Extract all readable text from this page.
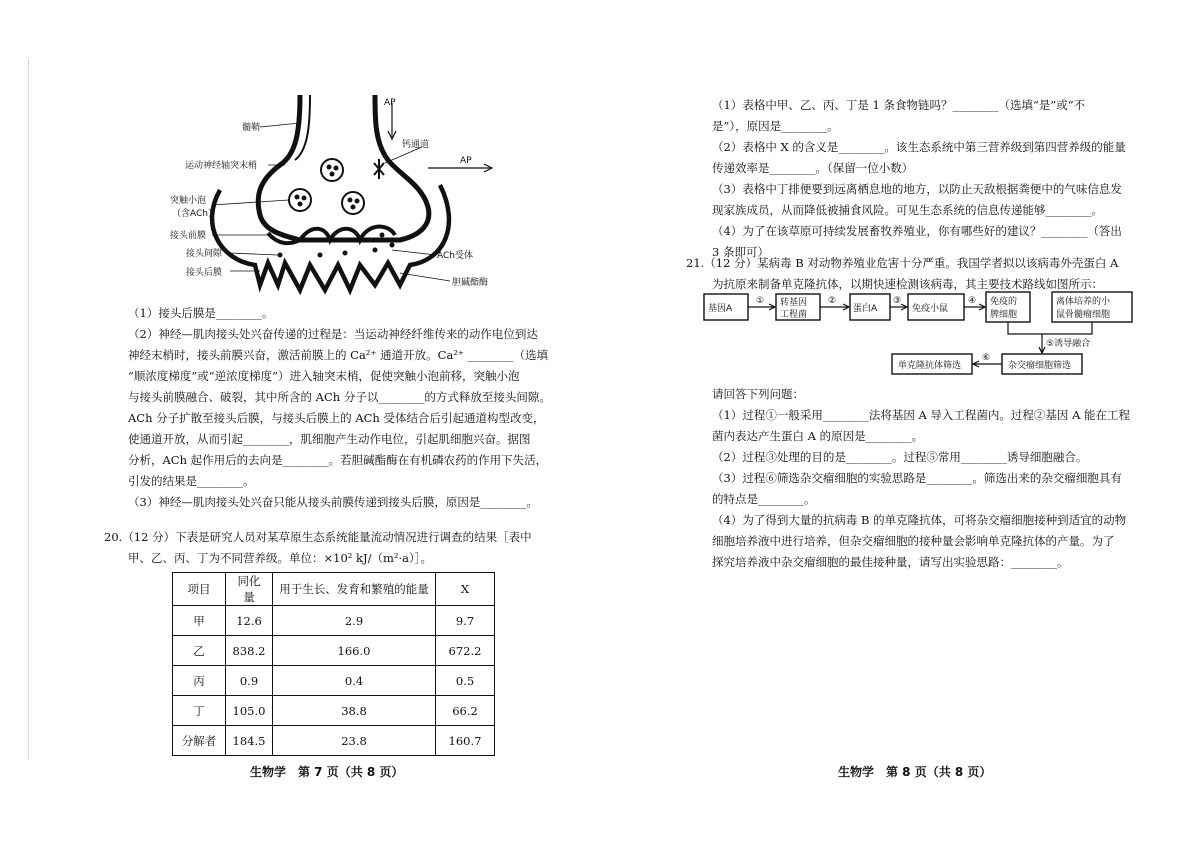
AP
AP
髓鞘
运动神经轴突末梢
钙通道
突触小泡
（含ACh）
接头前膜
接头间隙
接头后膜
ACh受体
胆碱酯酶

（1）接头后膜是________。

（2）神经—肌肉接头处兴奋传递的过程是：当运动神经纤维传来的动作电位到达

神经末梢时，接头前膜兴奋，激活前膜上的 Ca²⁺ 通道开放。Ca²⁺ ________（选填

“顺浓度梯度”或“逆浓度梯度”）进入轴突末梢，促使突触小泡前移，突触小泡

与接头前膜融合、破裂，其中所含的 ACh 分子以________的方式释放至接头间隙。

ACh 分子扩散至接头后膜，与接头后膜上的 ACh 受体结合后引起通道构型改变，

使通道开放，从而引起________，肌细胞产生动作电位，引起肌细胞兴奋。据图

分析，ACh 起作用后的去向是________。若胆碱酯酶在有机磷农药的作用下失活，

引发的结果是________。

（3）神经—肌肉接头处兴奋只能从接头前膜传递到接头后膜，原因是________。

20.（12 分）下表是研究人员对某草原生态系统能量流动情况进行调查的结果［表中

甲、乙、丙、丁为不同营养级。单位：×10² kJ/（m²·a）］。

项目	同化量	用于生长、发育和繁殖的能量	X
甲	12.6	2.9	9.7
乙	838.2	166.0	672.2
丙	0.9	0.4	0.5
丁	105.0	38.8	66.2
分解者	184.5	23.8	160.7
生物学　第 7 页（共 8 页）

（1）表格中甲、乙、丙、丁是 1 条食物链吗？________（选填“是”或“不

是”），原因是________。

（2）表格中 X 的含义是________。该生态系统中第三营养级到第四营养级的能量

传递效率是________。（保留一位小数）

（3）表格中丁排便要到远离栖息地的地方，以防止天敌根据粪便中的气味信息发

现家族成员，从而降低被捕食风险。可见生态系统的信息传递能够________。

（4）为了在该草原可持续发展畜牧养殖业，你有哪些好的建议？________（答出

3 条即可）

21.（12 分）某病毒 B 对动物养殖业危害十分严重。我国学者拟以该病毒外壳蛋白 A

为抗原来制备单克隆抗体，以期快速检测该病毒，其主要技术路线如图所示：

请回答下列问题：

（1）过程①一般采用________法将基因 A 导入工程菌内。过程②基因 A 能在工程

菌内表达产生蛋白 A 的原因是________。

（2）过程③处理的目的是________。过程⑤常用________诱导细胞融合。

（3）过程⑥筛选杂交瘤细胞的实验思路是________。筛选出来的杂交瘤细胞具有

的特点是________。

（4）为了得到大量的抗病毒 B 的单克隆抗体，可将杂交瘤细胞接种到适宜的动物

细胞培养液中进行培养，但杂交瘤细胞的接种量会影响单克隆抗体的产量。为了

探究培养液中杂交瘤细胞的最佳接种量，请写出实验思路：________。

生物学　第 8 页（共 8 页）
基因A
① 转基因
工程菌
②
蛋白A
③
免疫小鼠
④ 免疫的
脾细胞
离体培养的小
鼠骨髓瘤细胞
⑤诱导融合
杂交瘤细胞筛选
⑥
单克隆抗体筛选
